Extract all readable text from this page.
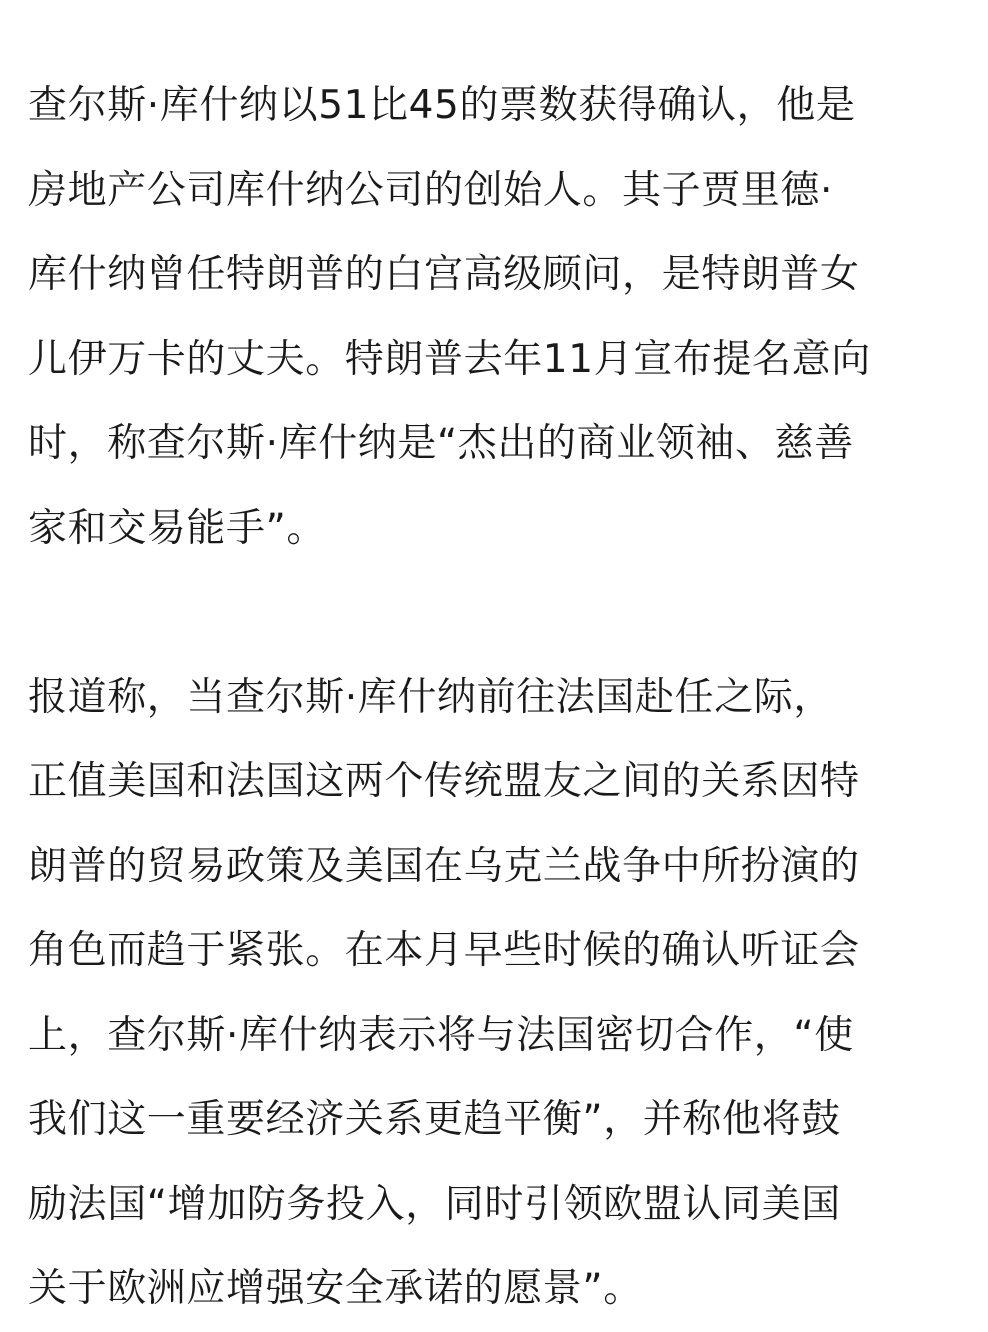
查尔斯·库什纳以51比45的票数获得确认，他是
房地产公司库什纳公司的创始人。其子贾里德·
库什纳曾任特朗普的白宫高级顾问，是特朗普女
儿伊万卡的丈夫。特朗普去年11月宣布提名意向
时，称查尔斯·库什纳是“杰出的商业领袖、慈善
家和交易能手”。
报道称，当查尔斯·库什纳前往法国赴任之际，
正值美国和法国这两个传统盟友之间的关系因特
朗普的贸易政策及美国在乌克兰战争中所扮演的
角色而趋于紧张。在本月早些时候的确认听证会
上，查尔斯·库什纳表示将与法国密切合作，“使
我们这一重要经济关系更趋平衡”，并称他将鼓
励法国“增加防务投入，同时引领欧盟认同美国
关于欧洲应增强安全承诺的愿景”。
